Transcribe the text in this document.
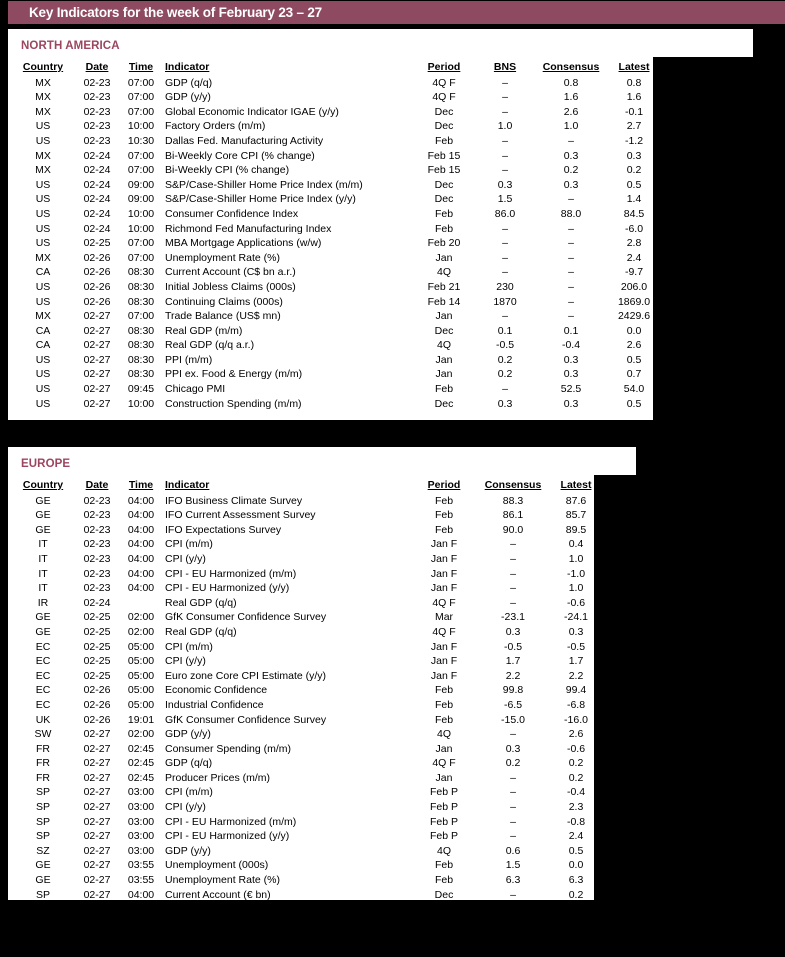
Key Indicators for the week of February 23 – 27
NORTH AMERICA
Country	Date	Time	Indicator	Period	BNS	Consensus	Latest
MX	02-23	07:00	GDP (q/q)	4Q F	–	0.8	0.8
MX	02-23	07:00	GDP (y/y)	4Q F	–	1.6	1.6
MX	02-23	07:00	Global Economic Indicator IGAE (y/y)	Dec	–	2.6	-0.1
US	02-23	10:00	Factory Orders (m/m)	Dec	1.0	1.0	2.7
US	02-23	10:30	Dallas Fed. Manufacturing Activity	Feb	–	–	-1.2
MX	02-24	07:00	Bi-Weekly Core CPI (% change)	Feb 15	–	0.3	0.3
MX	02-24	07:00	Bi-Weekly CPI (% change)	Feb 15	–	0.2	0.2
US	02-24	09:00	S&P/Case-Shiller Home Price Index (m/m)	Dec	0.3	0.3	0.5
US	02-24	09:00	S&P/Case-Shiller Home Price Index (y/y)	Dec	1.5	–	1.4
US	02-24	10:00	Consumer Confidence Index	Feb	86.0	88.0	84.5
US	02-24	10:00	Richmond Fed Manufacturing Index	Feb	–	–	-6.0
US	02-25	07:00	MBA Mortgage Applications (w/w)	Feb 20	–	–	2.8
MX	02-26	07:00	Unemployment Rate (%)	Jan	–	–	2.4
CA	02-26	08:30	Current Account (C$ bn a.r.)	4Q	–	–	-9.7
US	02-26	08:30	Initial Jobless Claims (000s)	Feb 21	230	–	206.0
US	02-26	08:30	Continuing Claims (000s)	Feb 14	1870	–	1869.0
MX	02-27	07:00	Trade Balance (US$ mn)	Jan	–	–	2429.6
CA	02-27	08:30	Real GDP (m/m)	Dec	0.1	0.1	0.0
CA	02-27	08:30	Real GDP (q/q a.r.)	4Q	-0.5	-0.4	2.6
US	02-27	08:30	PPI (m/m)	Jan	0.2	0.3	0.5
US	02-27	08:30	PPI ex. Food & Energy (m/m)	Jan	0.2	0.3	0.7
US	02-27	09:45	Chicago PMI	Feb	–	52.5	54.0
US	02-27	10:00	Construction Spending (m/m)	Dec	0.3	0.3	0.5
EUROPE
Country	Date	Time	Indicator	Period	Consensus	Latest
GE	02-23	04:00	IFO Business Climate Survey	Feb	88.3	87.6
GE	02-23	04:00	IFO Current Assessment Survey	Feb	86.1	85.7
GE	02-23	04:00	IFO Expectations Survey	Feb	90.0	89.5
IT	02-23	04:00	CPI (m/m)	Jan F	–	0.4
IT	02-23	04:00	CPI (y/y)	Jan F	–	1.0
IT	02-23	04:00	CPI - EU Harmonized (m/m)	Jan F	–	-1.0
IT	02-23	04:00	CPI - EU Harmonized (y/y)	Jan F	–	1.0
IR	02-24		Real GDP (q/q)	4Q F	–	-0.6
GE	02-25	02:00	GfK Consumer Confidence Survey	Mar	-23.1	-24.1
GE	02-25	02:00	Real GDP (q/q)	4Q F	0.3	0.3
EC	02-25	05:00	CPI (m/m)	Jan F	-0.5	-0.5
EC	02-25	05:00	CPI (y/y)	Jan F	1.7	1.7
EC	02-25	05:00	Euro zone Core CPI Estimate (y/y)	Jan F	2.2	2.2
EC	02-26	05:00	Economic Confidence	Feb	99.8	99.4
EC	02-26	05:00	Industrial Confidence	Feb	-6.5	-6.8
UK	02-26	19:01	GfK Consumer Confidence Survey	Feb	-15.0	-16.0
SW	02-27	02:00	GDP (y/y)	4Q	–	2.6
FR	02-27	02:45	Consumer Spending (m/m)	Jan	0.3	-0.6
FR	02-27	02:45	GDP (q/q)	4Q F	0.2	0.2
FR	02-27	02:45	Producer Prices (m/m)	Jan	–	0.2
SP	02-27	03:00	CPI (m/m)	Feb P	–	-0.4
SP	02-27	03:00	CPI (y/y)	Feb P	–	2.3
SP	02-27	03:00	CPI - EU Harmonized (m/m)	Feb P	–	-0.8
SP	02-27	03:00	CPI - EU Harmonized (y/y)	Feb P	–	2.4
SZ	02-27	03:00	GDP (y/y)	4Q	0.6	0.5
GE	02-27	03:55	Unemployment (000s)	Feb	1.5	0.0
GE	02-27	03:55	Unemployment Rate (%)	Feb	6.3	6.3
SP	02-27	04:00	Current Account (€ bn)	Dec	–	0.2
PO	02-27	06:00	Real GDP (q/q)	4Q F	–	0.80
GE	02-27		Retail Sales (m/m)	Jan	-0.1	0.8
